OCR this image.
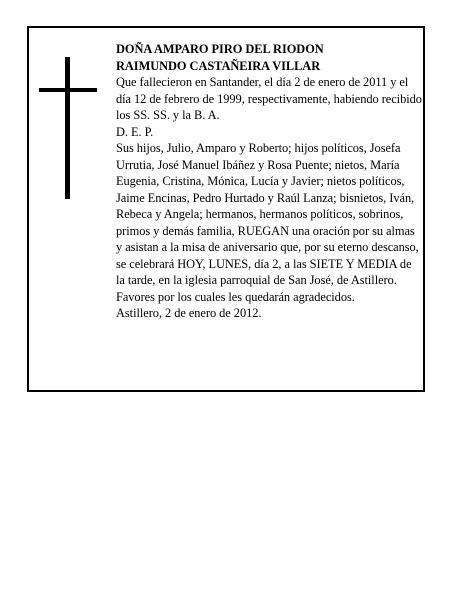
DOÑA AMPARO PIRO DEL RIODON

RAIMUNDO CASTAÑEIRA VILLAR

Que fallecieron en Santander, el día 2 de enero de 2011 y el día 12 de febrero de 1999, respectivamente, habiendo recibido los SS. SS. y la B. A.

D. E. P.

Sus hijos, Julio, Amparo y Roberto; hijos políticos, Josefa Urrutia, José Manuel Ibáñez y Rosa Puente; nietos, María Eugenia, Cristina, Mónica, Lucía y Javier; nietos políticos, Jaime Encinas, Pedro Hurtado y Raúl Lanza; bisnietos, Iván, Rebeca y Angela; hermanos, hermanos políticos, sobrinos, primos y demás familia, RUEGAN una oración por su almas y asistan a la misa de aniversario que, por su eterno descanso, se celebrará HOY, LUNES, día 2, a las SIETE Y MEDIA de la tarde, en la iglesia parroquial de San José, de Astillero. Favores por los cuales les quedarán agradecidos.

Astillero, 2 de enero de 2012.
